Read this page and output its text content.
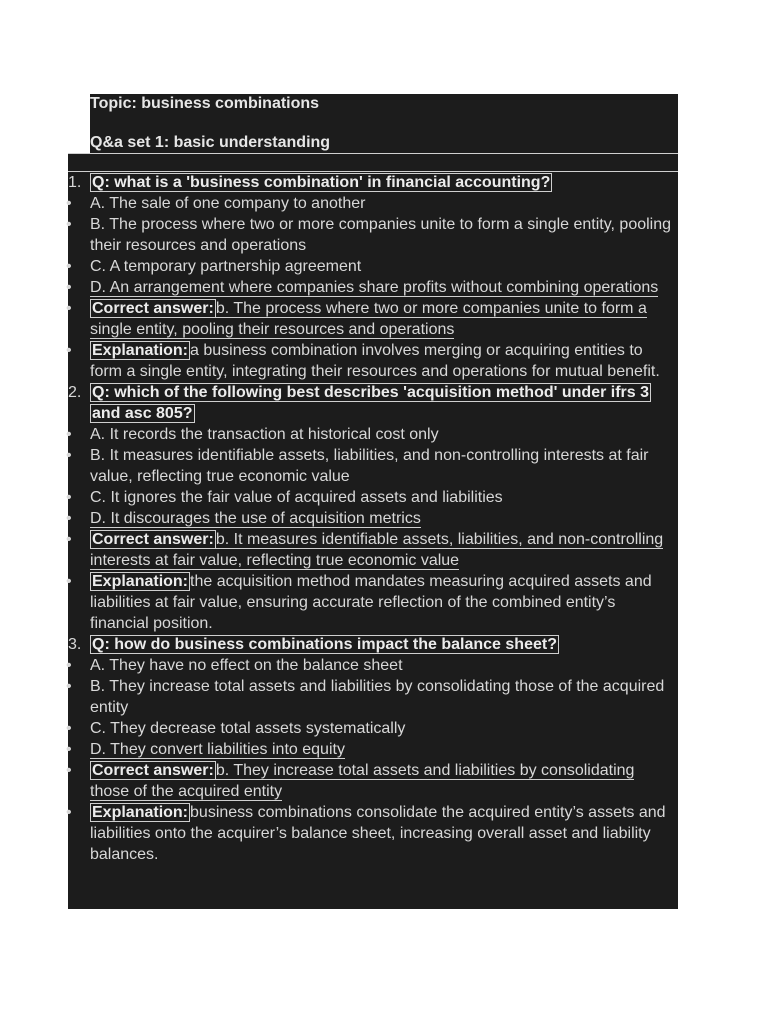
Topic: business combinations
Q&a set 1: basic understanding
1. Q: what is a 'business combination' in financial accounting?
• A. The sale of one company to another
• B. The process where two or more companies unite to form a single entity, pooling their resources and operations
• C. A temporary partnership agreement
• D. An arrangement where companies share profits without combining operations
• Correct answer: b. The process where two or more companies unite to form a single entity, pooling their resources and operations
• Explanation: a business combination involves merging or acquiring entities to form a single entity, integrating their resources and operations for mutual benefit.
2. Q: which of the following best describes 'acquisition method' under ifrs 3 and asc 805?
• A. It records the transaction at historical cost only
• B. It measures identifiable assets, liabilities, and non-controlling interests at fair value, reflecting true economic value
• C. It ignores the fair value of acquired assets and liabilities
• D. It discourages the use of acquisition metrics
• Correct answer: b. It measures identifiable assets, liabilities, and non-controlling interests at fair value, reflecting true economic value
• Explanation: the acquisition method mandates measuring acquired assets and liabilities at fair value, ensuring accurate reflection of the combined entity’s financial position.
3. Q: how do business combinations impact the balance sheet?
• A. They have no effect on the balance sheet
• B. They increase total assets and liabilities by consolidating those of the acquired entity
• C. They decrease total assets systematically
• D. They convert liabilities into equity
• Correct answer: b. They increase total assets and liabilities by consolidating those of the acquired entity
• Explanation: business combinations consolidate the acquired entity’s assets and liabilities onto the acquirer’s balance sheet, increasing overall asset and liability balances.
